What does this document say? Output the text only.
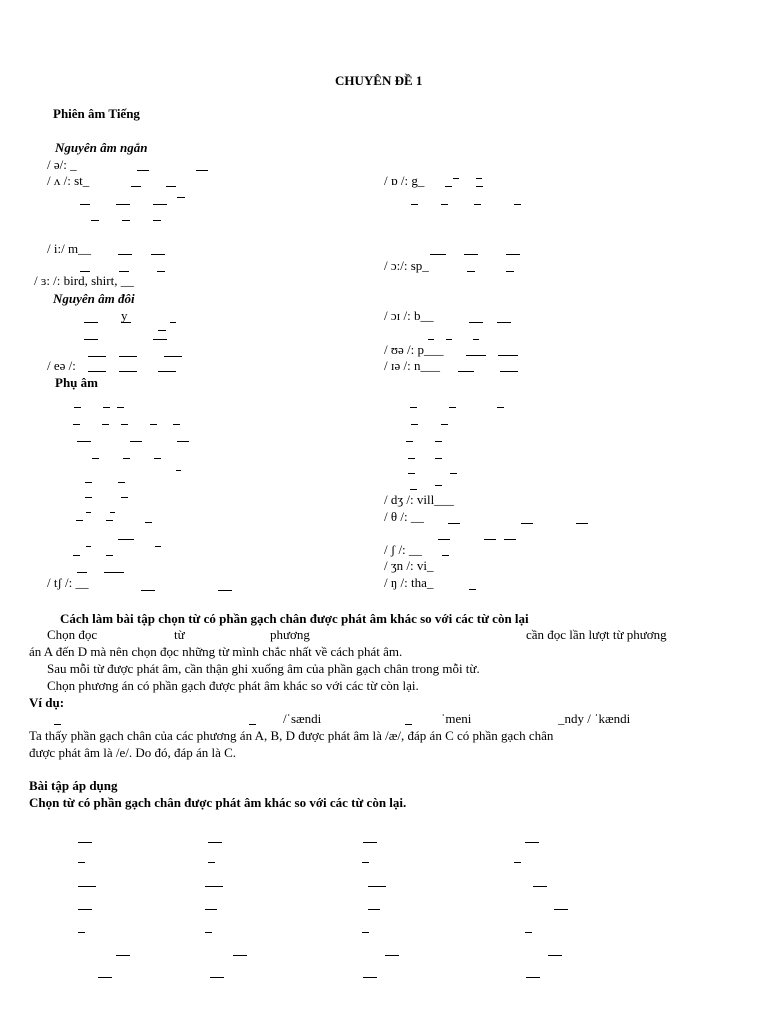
CHUYÊN ĐỀ 1
Phiên âm Tiếng
Nguyên âm ngắn
/ ə/: _
/ ʌ /: st_
/ i:/ m__
/ ɜ: /: bird, shirt, __
Nguyên âm đôi
y
/ eə /:
Phụ âm
/ tʃ /: __
/ ɒ /: g_
/ ɔ:/: sp_
/ ɔɪ /: b__
/ ʊə /: p___
/ ɪə /: n___
/ dʒ /: vill___
/ θ /: __
/ ʃ /: __
/ ʒn /: vi_
/ ŋ /: tha_
Cách làm bài tập chọn từ có phần gạch chân được phát âm khác so với các từ còn lại
Chọn đọc	từ	phương	cần đọc lần lượt từ phương
án A đến D mà nên chọn đọc những từ mình chắc nhất về cách phát âm.
Sau mỗi từ được phát âm, cần thận ghi xuống âm của phần gạch chân trong mỗi từ.
Chọn phương án có phần gạch được phát âm khác so với các từ còn lại.
Ví dụ:
/ˈsændi	ˈmeni	_ndy / ˈkændi
Ta thấy phần gạch chân của các phương án A, B, D được phát âm là /æ/, đáp án C có phần gạch chân
được phát âm là /e/. Do đó, đáp án là C.
Bài tập áp dụng
Chọn từ có phần gạch chân được phát âm khác so với các từ còn lại.
